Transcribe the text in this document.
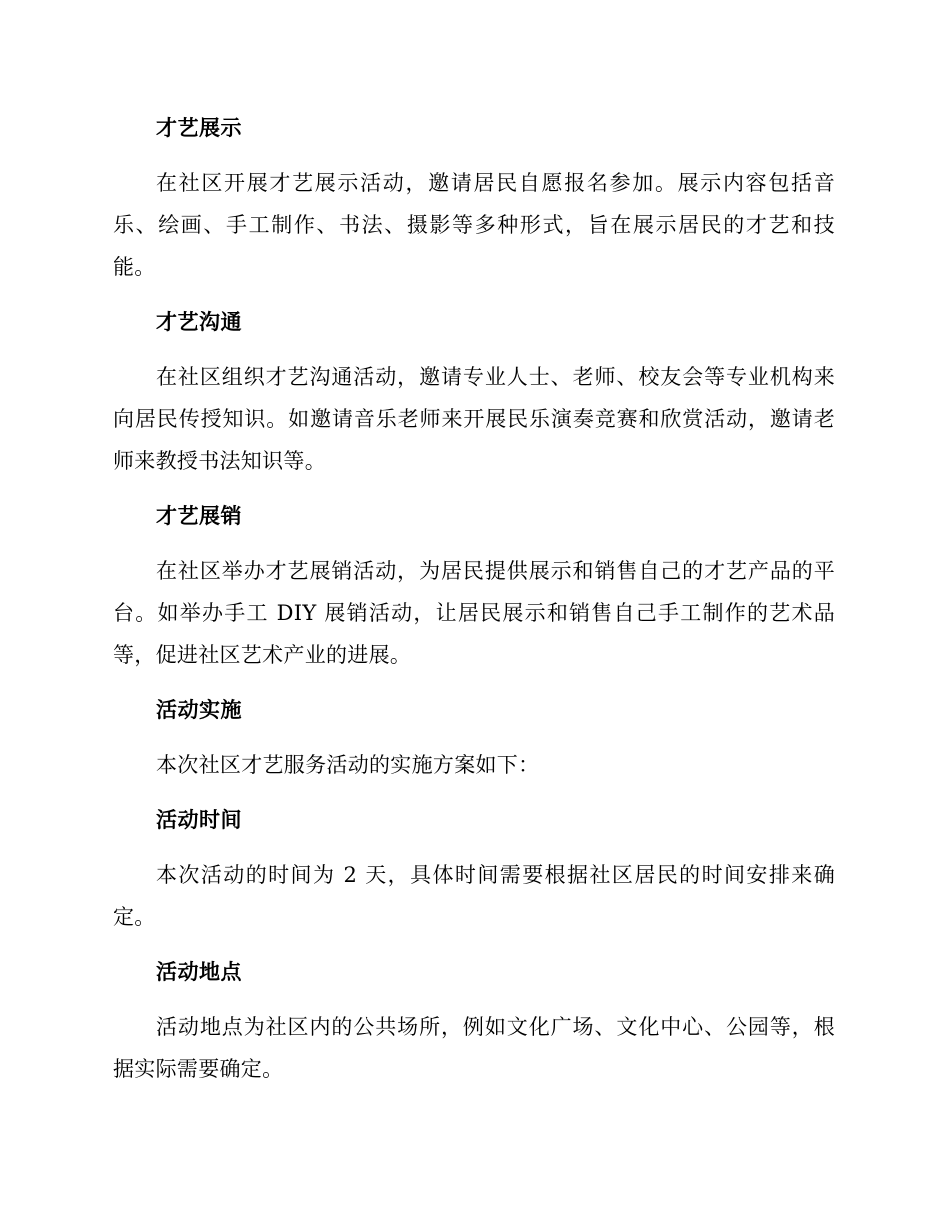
才艺展示

在社区开展才艺展示活动，邀请居民自愿报名参加。展示内容包括音乐、绘画、手工制作、书法、摄影等多种形式，旨在展示居民的才艺和技能。

才艺沟通

在社区组织才艺沟通活动，邀请专业人士、老师、校友会等专业机构来向居民传授知识。如邀请音乐老师来开展民乐演奏竞赛和欣赏活动，邀请老师来教授书法知识等。

才艺展销

在社区举办才艺展销活动，为居民提供展示和销售自己的才艺产品的平台。如举办手工 DIY 展销活动，让居民展示和销售自己手工制作的艺术品等，促进社区艺术产业的进展。

活动实施

本次社区才艺服务活动的实施方案如下：

活动时间

本次活动的时间为 2 天，具体时间需要根据社区居民的时间安排来确定。

活动地点

活动地点为社区内的公共场所，例如文化广场、文化中心、公园等，根据实际需要确定。
